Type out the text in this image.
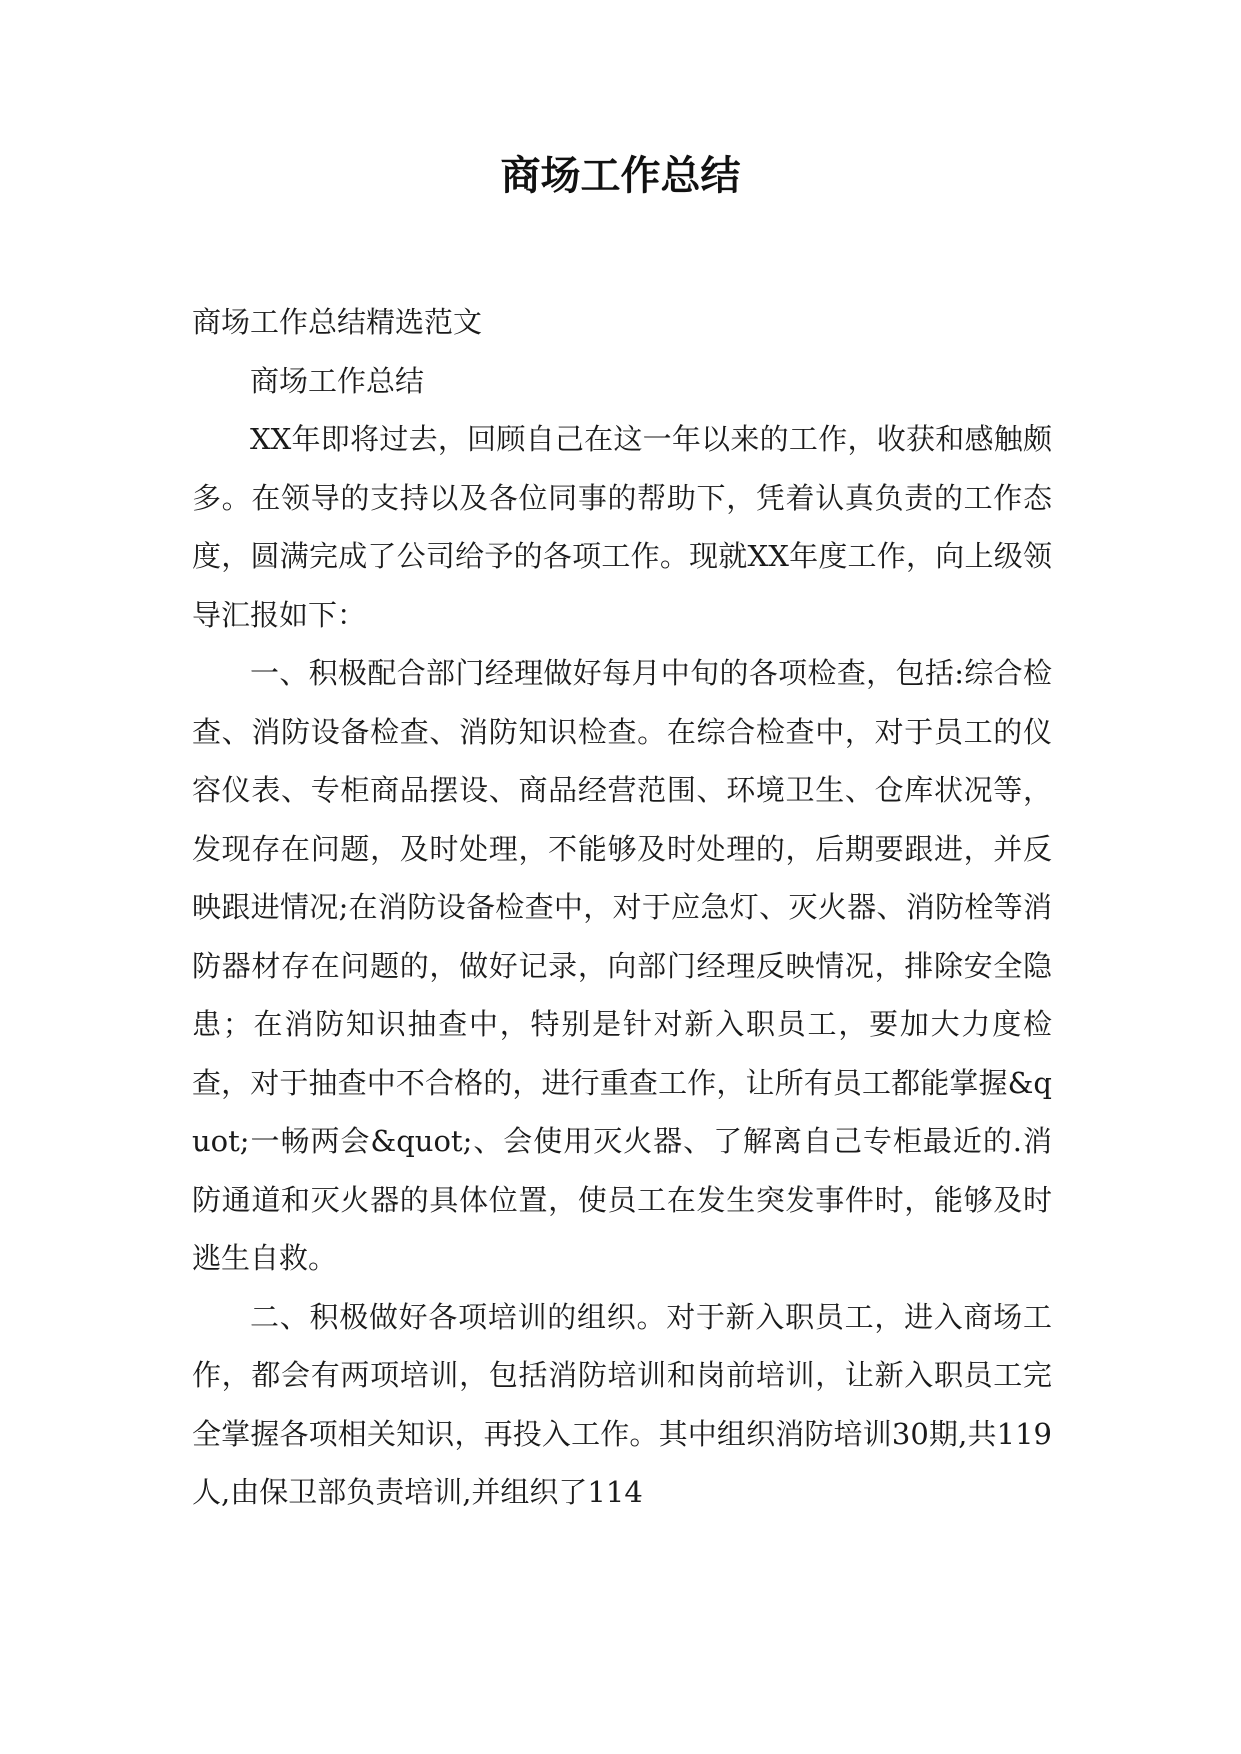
商场工作总结

商场工作总结精选范文

商场工作总结

XX年即将过去，回顾自己在这一年以来的工作，收获和感触颇多。在领导的支持以及各位同事的帮助下，凭着认真负责的工作态度，圆满完成了公司给予的各项工作。现就XX年度工作，向上级领导汇报如下：

一、积极配合部门经理做好每月中旬的各项检查，包括:综合检查、消防设备检查、消防知识检查。在综合检查中，对于员工的仪容仪表、专柜商品摆设、商品经营范围、环境卫生、仓库状况等，发现存在问题，及时处理，不能够及时处理的，后期要跟进，并反映跟进情况;在消防设备检查中，对于应急灯、灭火器、消防栓等消防器材存在问题的，做好记录，向部门经理反映情况，排除安全隐患；在消防知识抽查中，特别是针对新入职员工，要加大力度检查，对于抽查中不合格的，进行重查工作，让所有员工都能掌握&quot;一畅两会&quot;、会使用灭火器、了解离自己专柜最近的.消防通道和灭火器的具体位置，使员工在发生突发事件时，能够及时逃生自救。

二、积极做好各项培训的组织。对于新入职员工，进入商场工作，都会有两项培训，包括消防培训和岗前培训，让新入职员工完全掌握各项相关知识，再投入工作。其中组织消防培训30期,共119人,由保卫部负责培训,并组织了114
